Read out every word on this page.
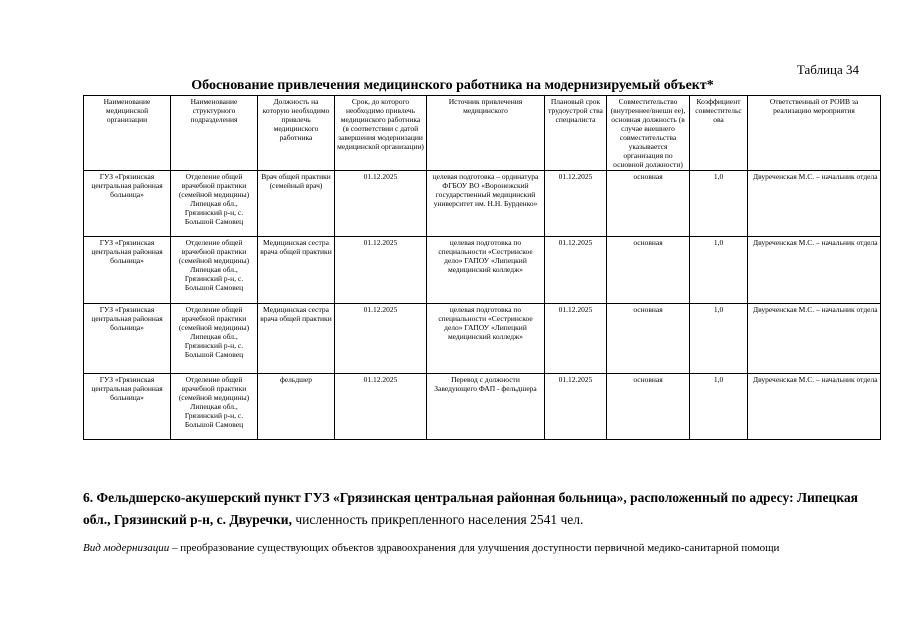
Таблица 34
Обоснование привлечения медицинского работника на модернизируемый объект*
Наименование медицинской организации	Наименование структурного подразделения	Должность на которую необходимо привлечь медицинского работника	Срок, до которого необходимо привлечь медицинского работника (в соответствии с датой завершения модернизации медицинской организации)	Источник привлечения медицинского	Плановый срок трудоустрой ства специалиста	Совместительство (внутреннее/внешн ее), основная должность (в случае внешнего совместительства указывается организация по основной должности)	Коэффициент совместительс ова	Ответственный от РОИВ за реализацию мероприятия
ГУЗ «Грязинская центральная районная больница»	Отделение общей врачебной практики (семейной медицины) Липецкая обл., Грязинский р-н, с. Большой Самовец	Врач общей практики (семейный врач)	01.12.2025	целевая подготовка – ординатура ФГБОУ ВО «Воронежский государственный медицинский университет им. Н.Н. Бурденко»	01.12.2025	основная	1,0	Двуреченская М.С. – начальник отдела
ГУЗ «Грязинская центральная районная больница»	Отделение общей врачебной практики (семейной медицины) Липецкая обл., Грязинский р-н, с. Большой Самовец	Медицинская сестра врача общей практики	01.12.2025	целевая подготовка по специальности «Сестринское дело» ГАПОУ «Липецкий медицинский колледж»	01.12.2025	основная	1,0	Двуреченская М.С. – начальник отдела
ГУЗ «Грязинская центральная районная больница»	Отделение общей врачебной практики (семейной медицины) Липецкая обл., Грязинский р-н, с. Большой Самовец	Медицинская сестра врача общей практики	01.12.2025	целевая подготовка по специальности «Сестринское дело» ГАПОУ «Липецкий медицинский колледж»	01.12.2025	основная	1,0	Двуреченская М.С. – начальник отдела
ГУЗ «Грязинская центральная районная больница»	Отделение общей врачебной практики (семейной медицины) Липецкая обл., Грязинский р-н, с. Большой Самовец	фельдшер	01.12.2025	Перевод с должности Заведующего ФАП - фельдшера	01.12.2025	основная	1,0	Двуреченская М.С. – начальник отдела
6. Фельдшерско-акушерский пункт ГУЗ «Грязинская центральная районная больница», расположенный по адресу: Липецкая обл., Грязинский р-н, с. Двуречки, численность прикрепленного населения 2541 чел.
Вид модернизации – преобразование существующих объектов здравоохранения для улучшения доступности первичной медико-санитарной помощи
